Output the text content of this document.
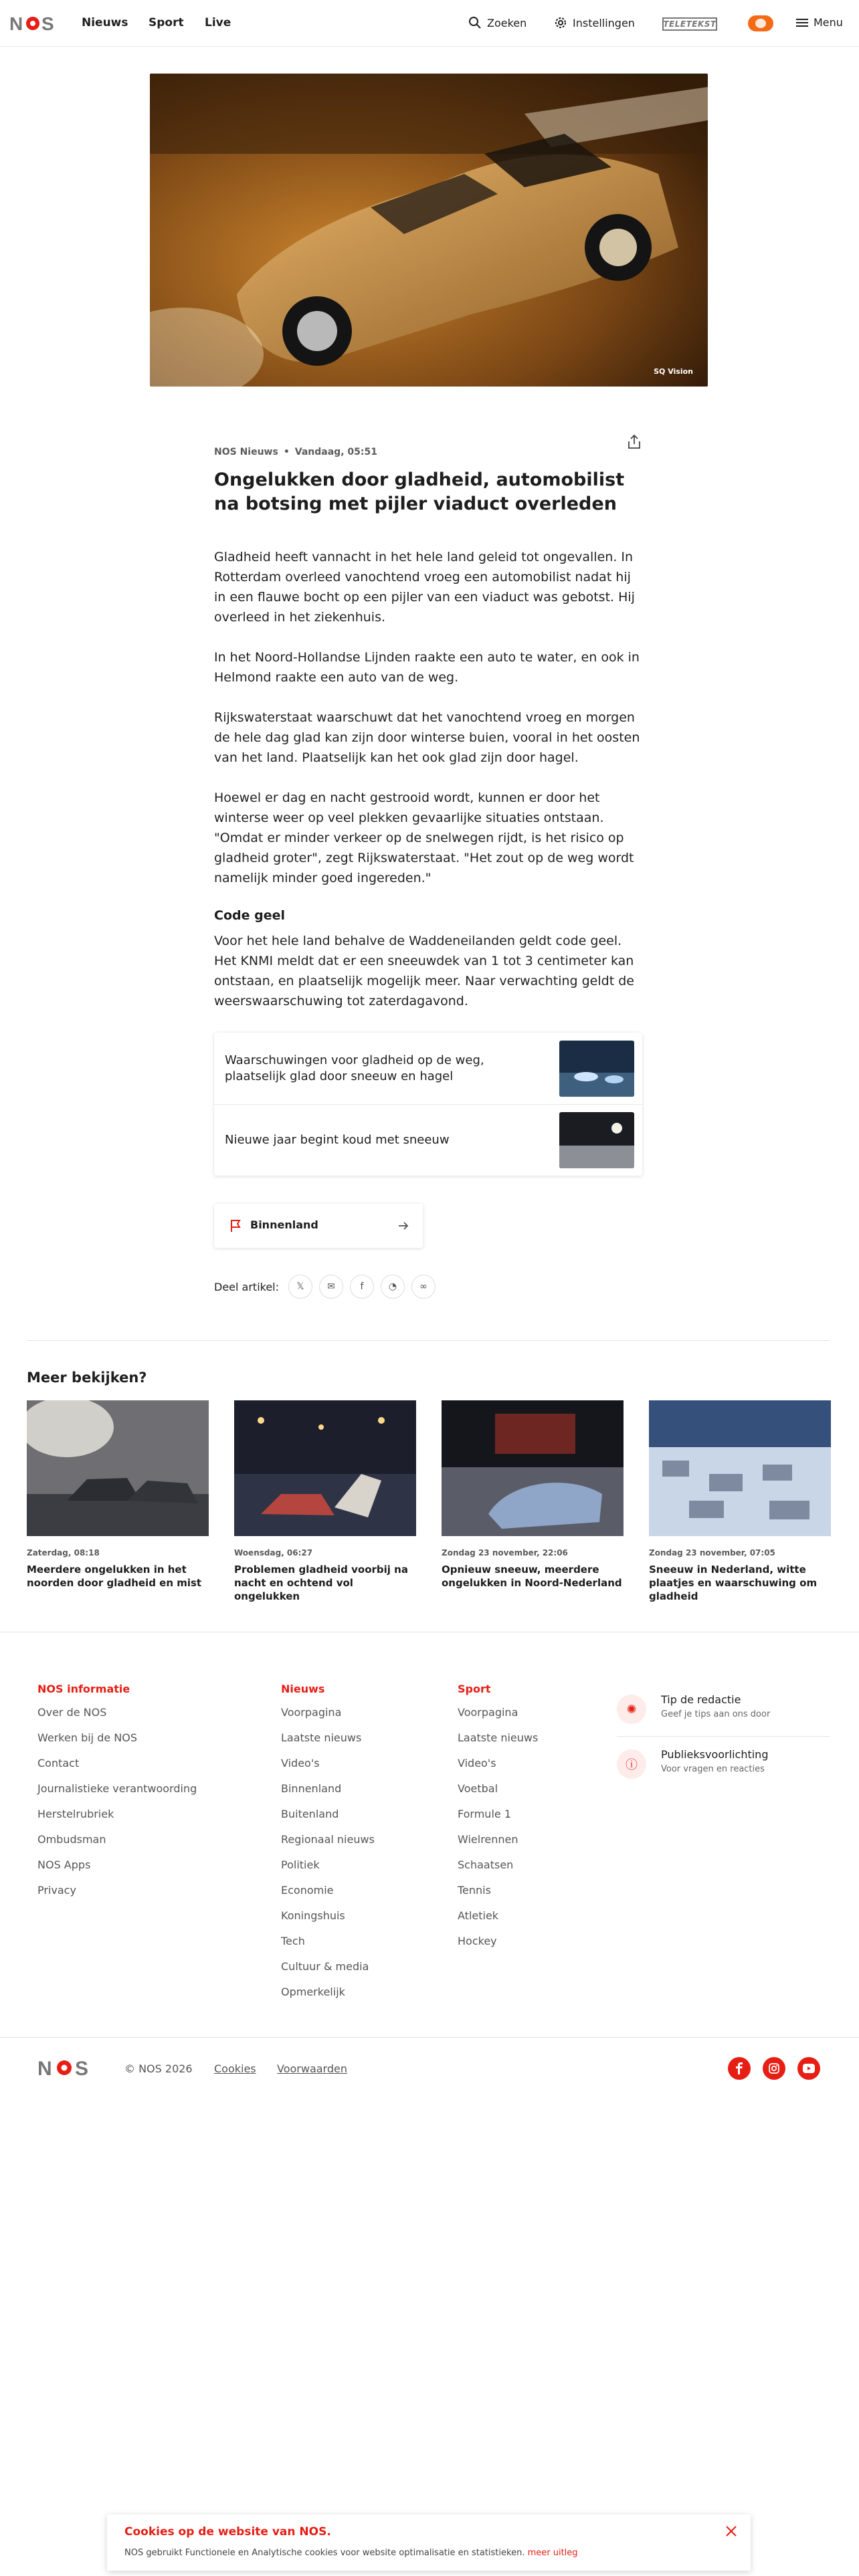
N S Nieuws Sport Live	Zoeken	Instellingen	TELETEKST	Menu
SQ Vision
NOS Nieuws • Vandaag, 05:51
Ongelukken door gladheid, automobilist na botsing met pijler viaduct overleden

Gladheid heeft vannacht in het hele land geleid tot ongevallen. In Rotterdam overleed vanochtend vroeg een automobilist nadat hij in een flauwe bocht op een pijler van een viaduct was gebotst. Hij overleed in het ziekenhuis.

In het Noord-Hollandse Lijnden raakte een auto te water, en ook in Helmond raakte een auto van de weg.

Rijkswaterstaat waarschuwt dat het vanochtend vroeg en morgen de hele dag glad kan zijn door winterse buien, vooral in het oosten van het land. Plaatselijk kan het ook glad zijn door hagel.

Hoewel er dag en nacht gestrooid wordt, kunnen er door het winterse weer op veel plekken gevaarlijke situaties ontstaan. "Omdat er minder verkeer op de snelwegen rijdt, is het risico op gladheid groter", zegt Rijkswaterstaat. "Het zout op de weg wordt namelijk minder goed ingereden."

Code geel

Voor het hele land behalve de Waddeneilanden geldt code geel. Het KNMI meldt dat er een sneeuwdek van 1 tot 3 centimeter kan ontstaan, en plaatselijk mogelijk meer. Naar verwachting geldt de weerswaarschuwing tot zaterdagavond.

Waarschuwingen voor gladheid op de weg, plaatselijk glad door sneeuw en hagel
Nieuwe jaar begint koud met sneeuw
Binnenland
Deel artikel:	𝕏	✉	f	◔	∞
Meer bekijken?
Zaterdag, 08:18
Meerdere ongelukken in het noorden door gladheid en mist
Woensdag, 06:27
Problemen gladheid voorbij na nacht en ochtend vol ongelukken
Zondag 23 november, 22:06
Opnieuw sneeuw, meerdere ongelukken in Noord-Nederland
Zondag 23 november, 07:05
Sneeuw in Nederland, witte plaatjes en waarschuwing om gladheid
NOS informatie
Over de NOS
Werken bij de NOS
Contact
Journalistieke verantwoording
Herstelrubriek
Ombudsman
NOS Apps
Privacy
Nieuws
Voorpagina
Laatste nieuws
Video's
Binnenland
Buitenland
Regionaal nieuws
Politiek
Economie
Koningshuis
Tech
Cultuur & media
Opmerkelijk
Sport
Voorpagina
Laatste nieuws
Video's
Voetbal
Formule 1
Wielrennen
Schaatsen
Tennis
Atletiek
Hockey
✺
Tip de redactie
Geef je tips aan ons door
ⓘ
Publieksvoorlichting
Voor vragen en reacties
N S	© NOS 2026 Cookies Voorwaarden
Cookies op de website van NOS.
NOS gebruikt Functionele en Analytische cookies voor website optimalisatie en statistieken. meer uitleg
